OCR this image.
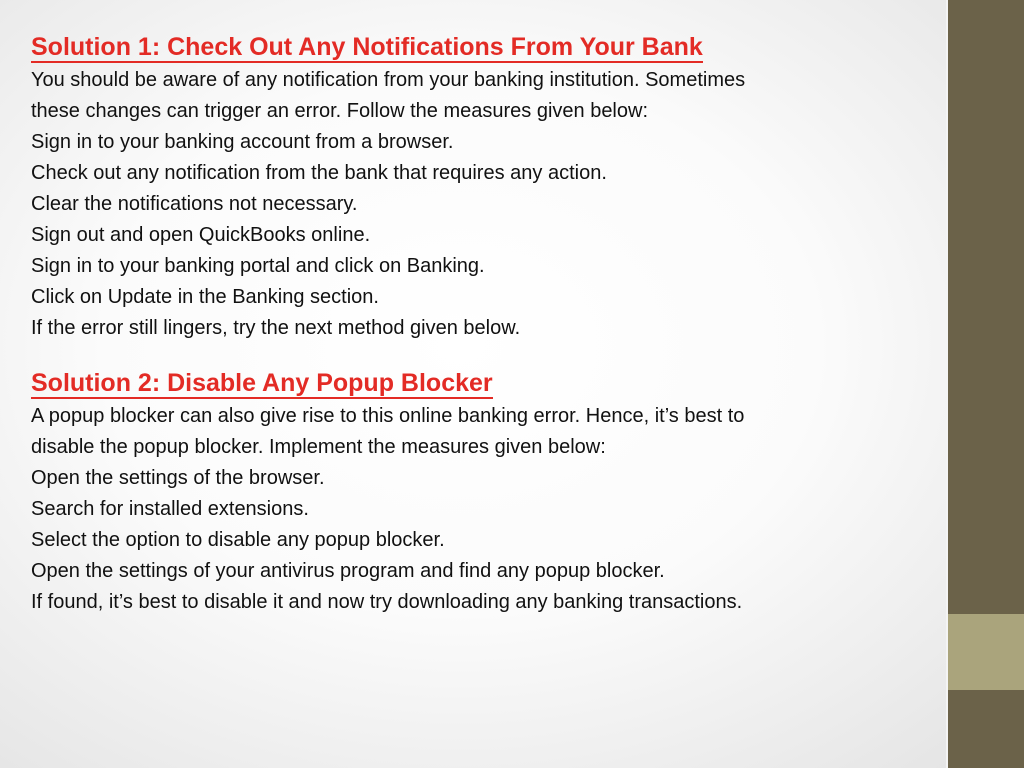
Solution 1: Check Out Any Notifications From Your Bank
You should be aware of any notification from your banking institution. Sometimes
these changes can trigger an error. Follow the measures given below:
Sign in to your banking account from a browser.
Check out any notification from the bank that requires any action.
Clear the notifications not necessary.
Sign out and open QuickBooks online.
Sign in to your banking portal and click on Banking.
Click on Update in the Banking section.
If the error still lingers, try the next method given below.
Solution 2: Disable Any Popup Blocker
A popup blocker can also give rise to this online banking error. Hence, it’s best to
disable the popup blocker. Implement the measures given below:
Open the settings of the browser.
Search for installed extensions.
Select the option to disable any popup blocker.
Open the settings of your antivirus program and find any popup blocker.
If found, it’s best to disable it and now try downloading any banking transactions.
